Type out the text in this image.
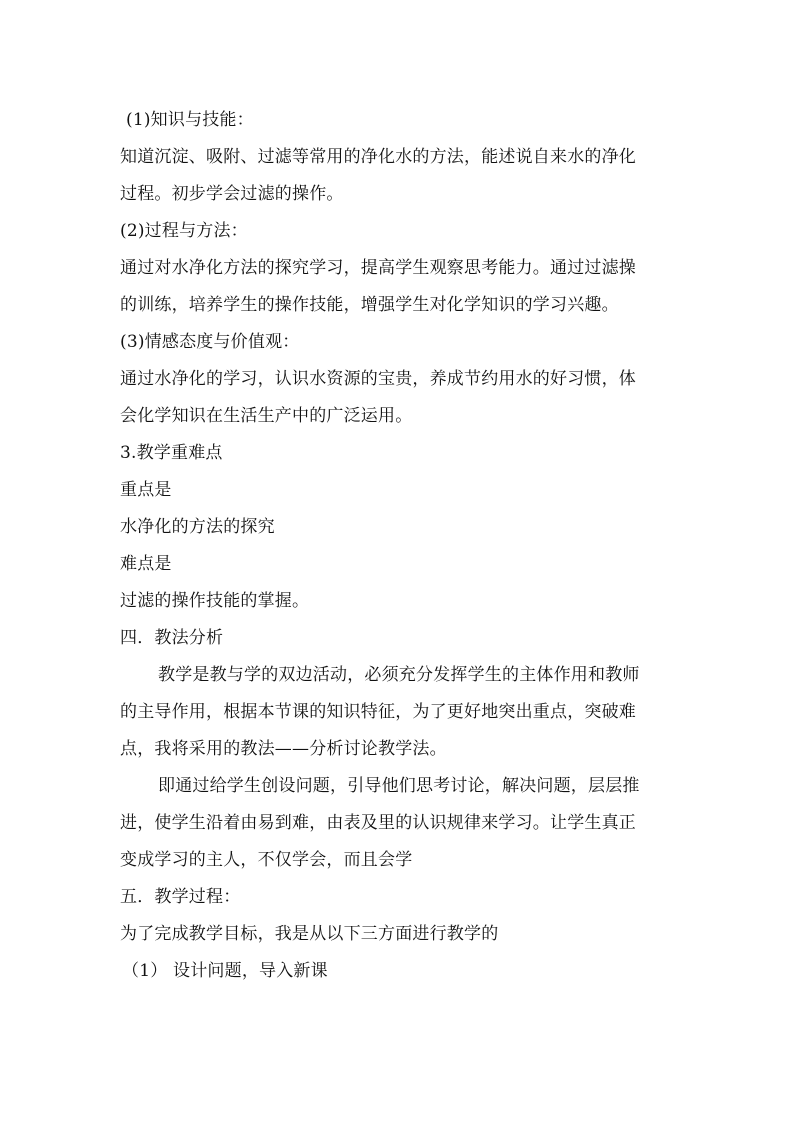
(1)知识与技能：
知道沉淀、吸附、过滤等常用的净化水的方法，能述说自来水的净化
过程。初步学会过滤的操作。
(2)过程与方法：
通过对水净化方法的探究学习，提高学生观察思考能力。通过过滤操
的训练，培养学生的操作技能，增强学生对化学知识的学习兴趣。
(3)情感态度与价值观：
通过水净化的学习，认识水资源的宝贵，养成节约用水的好习惯，体
会化学知识在生活生产中的广泛运用。
3.教学重难点
重点是
水净化的方法的探究
难点是
过滤的操作技能的掌握。
四．教法分析
教学是教与学的双边活动，必须充分发挥学生的主体作用和教师
的主导作用，根据本节课的知识特征，为了更好地突出重点，突破难
点，我将采用的教法——分析讨论教学法。
即通过给学生创设问题，引导他们思考讨论，解决问题，层层推
进，使学生沿着由易到难，由表及里的认识规律来学习。让学生真正
变成学习的主人，不仅学会，而且会学
五．教学过程：
为了完成教学目标，我是从以下三方面进行教学的
（1） 设计问题，导入新课
